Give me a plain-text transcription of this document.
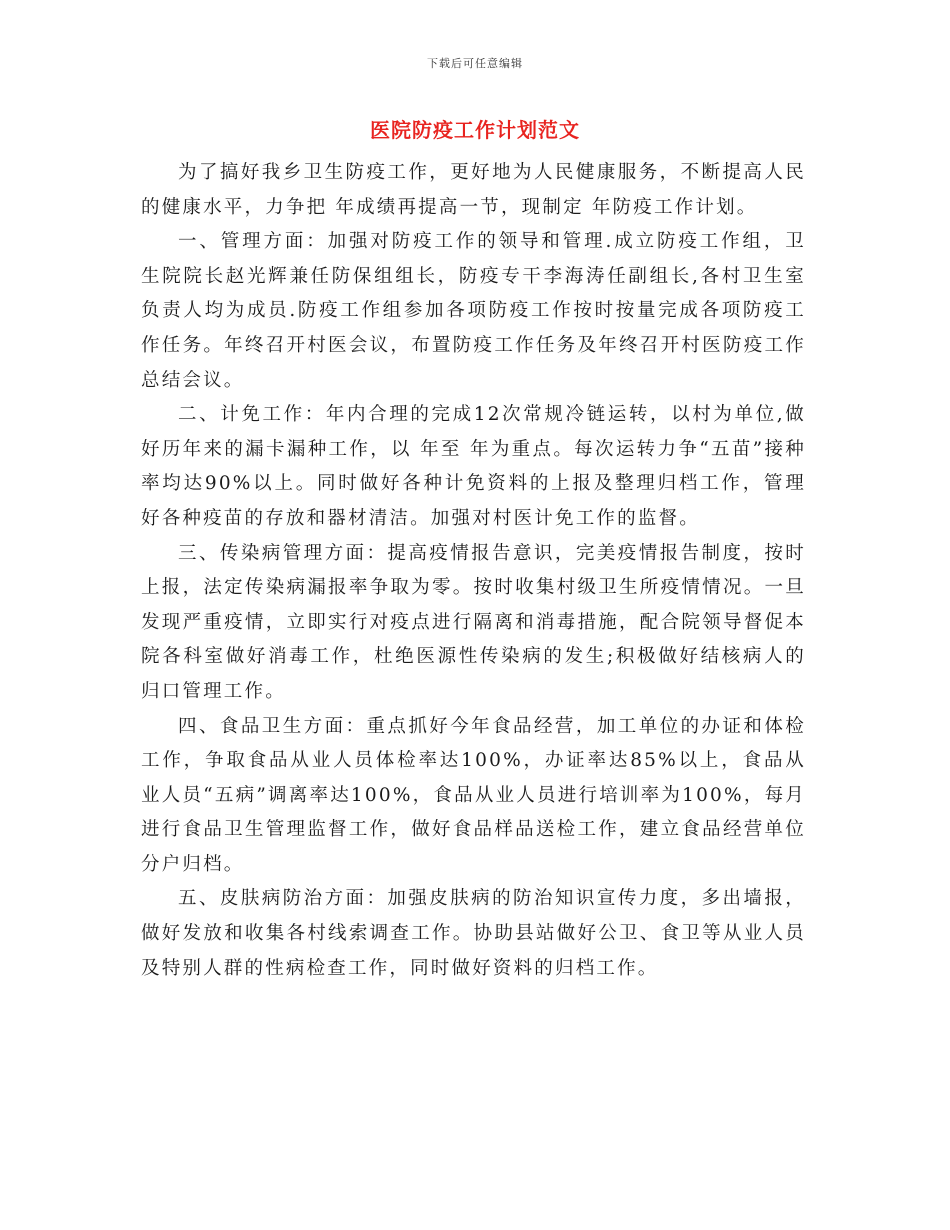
下载后可任意编辑
医院防疫工作计划范文

为了搞好我乡卫生防疫工作，更好地为人民健康服务，不断提高人民的健康水平，力争把 年成绩再提高一节，现制定 年防疫工作计划。

一、管理方面：加强对防疫工作的领导和管理.成立防疫工作组，卫生院院长赵光辉兼任防保组组长，防疫专干李海涛任副组长,各村卫生室负责人均为成员.防疫工作组参加各项防疫工作按时按量完成各项防疫工作任务。年终召开村医会议，布置防疫工作任务及年终召开村医防疫工作总结会议。

二、计免工作：年内合理的完成12次常规冷链运转，以村为单位,做好历年来的漏卡漏种工作，以 年至 年为重点。每次运转力争“五苗”接种率均达90%以上。同时做好各种计免资料的上报及整理归档工作，管理好各种疫苗的存放和器材清洁。加强对村医计免工作的监督。

三、传染病管理方面：提高疫情报告意识，完美疫情报告制度，按时上报，法定传染病漏报率争取为零。按时收集村级卫生所疫情情况。一旦发现严重疫情，立即实行对疫点进行隔离和消毒措施，配合院领导督促本院各科室做好消毒工作，杜绝医源性传染病的发生;积极做好结核病人的归口管理工作。

四、食品卫生方面：重点抓好今年食品经营，加工单位的办证和体检工作，争取食品从业人员体检率达100%，办证率达85%以上，食品从业人员“五病”调离率达100%，食品从业人员进行培训率为100%，每月进行食品卫生管理监督工作，做好食品样品送检工作，建立食品经营单位分户归档。

五、皮肤病防治方面：加强皮肤病的防治知识宣传力度，多出墙报，做好发放和收集各村线索调查工作。协助县站做好公卫、食卫等从业人员及特别人群的性病检查工作，同时做好资料的归档工作。
